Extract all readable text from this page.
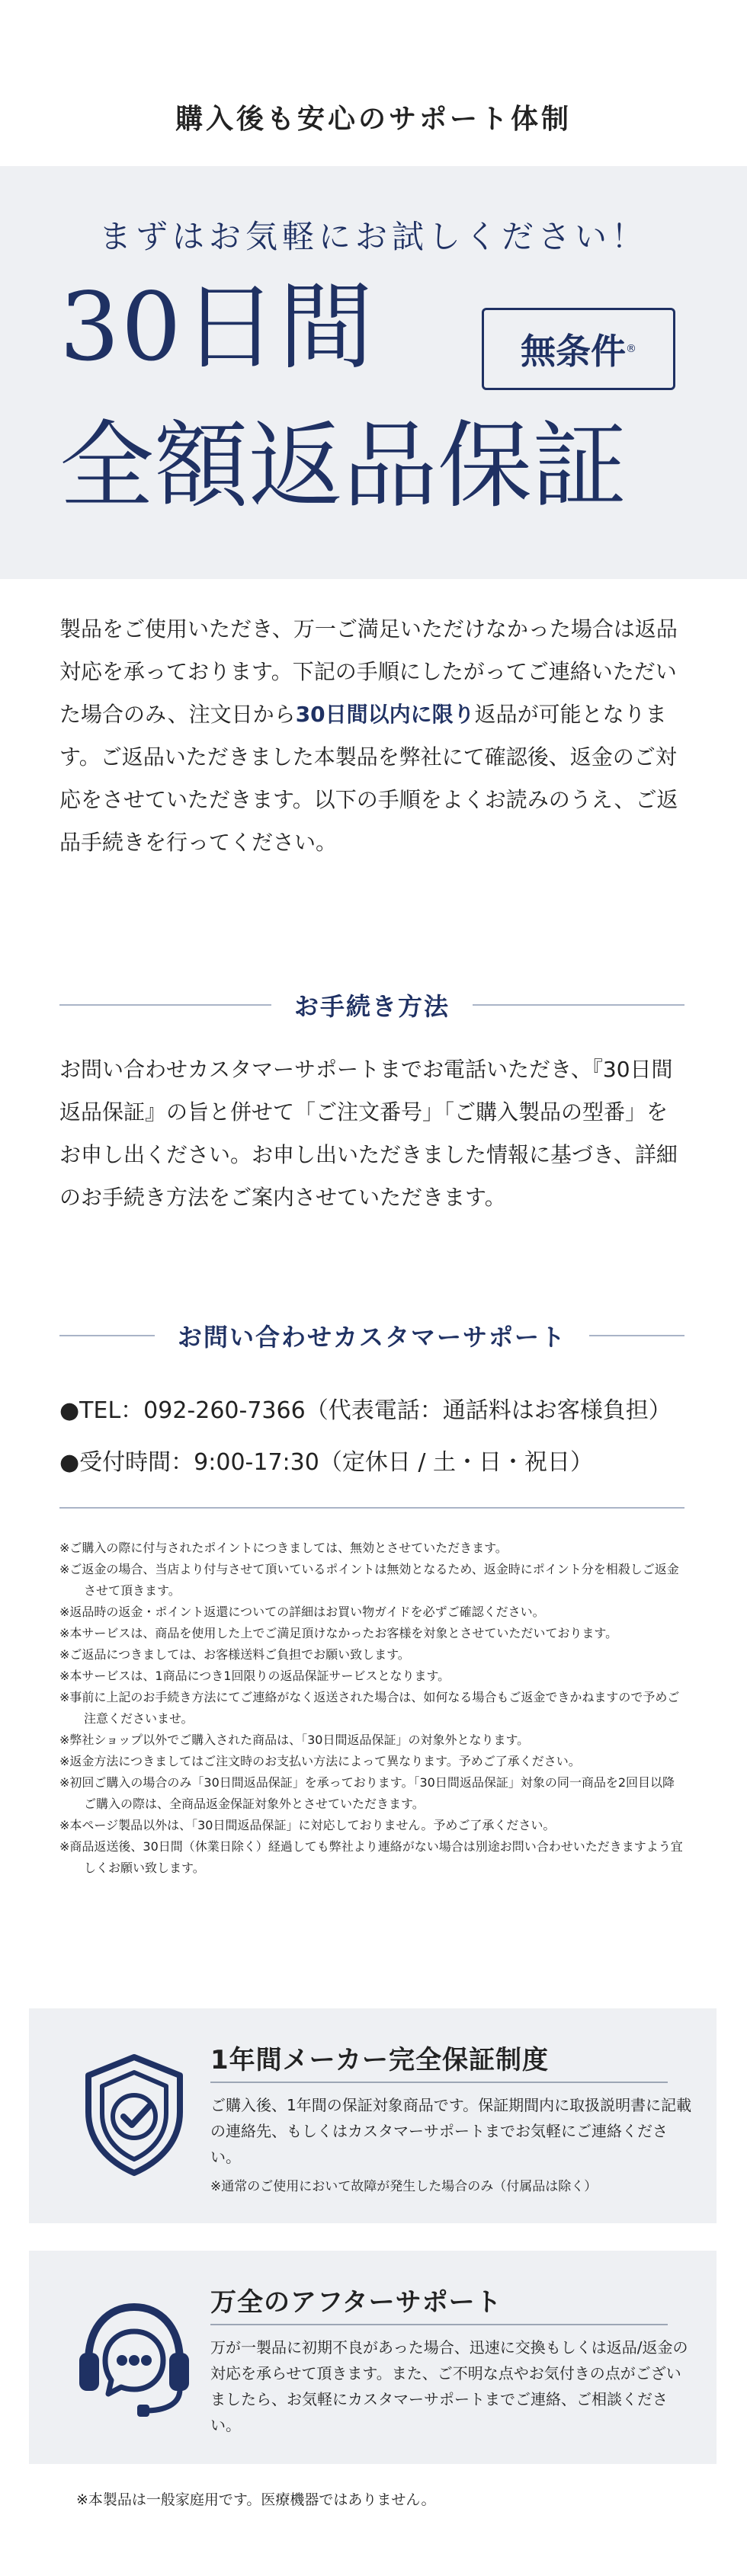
購入後も安心のサポート体制
まずはお気軽にお試しください！
30日間	無条件 ®
全額返品保証
製品をご使用いただき、万一ご満足いただけなかった場合は返品対応を承っております。下記の手順にしたがってご連絡いただいた場合のみ、注文日から30日間以内に限り返品が可能となります。ご返品いただきました本製品を弊社にて確認後、返金のご対応をさせていただきます。以下の手順をよくお読みのうえ、ご返品手続きを行ってください。
お手続き方法
お問い合わせカスタマーサポートまでお電話いただき、『30日間返品保証』の旨と併せて「ご注文番号」「ご購入製品の型番」をお申し出ください。お申し出いただきました情報に基づき、詳細のお手続き方法をご案内させていただきます。
お問い合わせカスタマーサポート
●TEL：092-260-7366（代表電話：通話料はお客様負担）
●受付時間：9:00-17:30（定休日 / 土・日・祝日）
※ご購入の際に付与されたポイントにつきましては、無効とさせていただきます。
※ご返金の場合、当店より付与させて頂いているポイントは無効となるため、返金時にポイント分を相殺しご返金させて頂きます。
※返品時の返金・ポイント返還についての詳細はお買い物ガイドを必ずご確認ください。
※本サービスは、商品を使用した上でご満足頂けなかったお客様を対象とさせていただいております。
※ご返品につきましては、お客様送料ご負担でお願い致します。
※本サービスは、1商品につき1回限りの返品保証サービスとなります。
※事前に上記のお手続き方法にてご連絡がなく返送された場合は、如何なる場合もご返金できかねますので予めご注意くださいませ。
※弊社ショップ以外でご購入された商品は、「30日間返品保証」の対象外となります。
※返金方法につきましてはご注文時のお支払い方法によって異なります。予めご了承ください。
※初回ご購入の場合のみ「30日間返品保証」を承っております。「30日間返品保証」対象の同一商品を2回目以降ご購入の際は、全商品返金保証対象外とさせていただきます。
※本ページ製品以外は、「30日間返品保証」に対応しておりません。予めご了承ください。
※商品返送後、30日間（休業日除く）経過しても弊社より連絡がない場合は別途お問い合わせいただきますよう宜しくお願い致します。
1年間メーカー完全保証制度
ご購入後、1年間の保証対象商品です。保証期間内に取扱説明書に記載の連絡先、もしくはカスタマーサポートまでお気軽にご連絡ください。
※通常のご使用において故障が発生した場合のみ（付属品は除く）
万全のアフターサポート
万が一製品に初期不良があった場合、迅速に交換もしくは返品/返金の対応を承らせて頂きます。また、ご不明な点やお気付きの点がございましたら、お気軽にカスタマーサポートまでご連絡、ご相談ください。
※本製品は一般家庭用です。医療機器ではありません。
